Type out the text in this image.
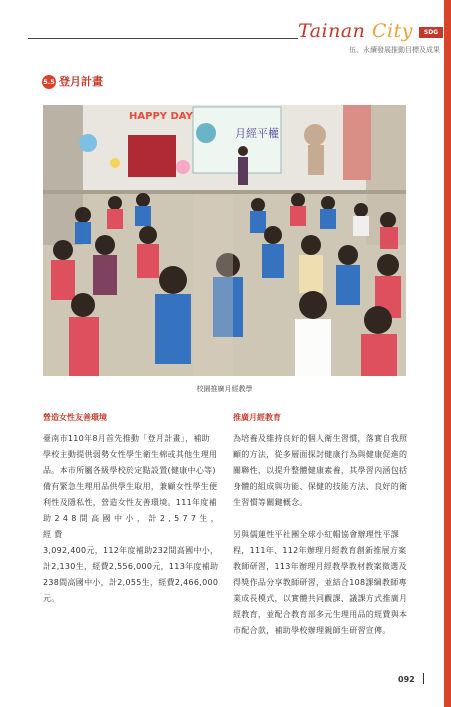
Tainan City	SDG 05
伍、永續發展推動目標及成果
5.5 登月計畫
HAPPY DAY
月經平權
校園推廣月經教學
營造女性友善環境
臺南市110年8月首先推動「登月計畫」，補助
學校主動提供弱勢女性學生衛生棉或其他生理用
品。本市所屬各級學校於定點設置(健康中心等)
備有緊急生理用品供學生取用，兼顧女性學生便
利性及隱私性，營造女性友善環境。111年度補
助 2 4 8 間 高 國 中 小 ， 計 2 , 5 7 7 生 ， 經 費
3,092,400元，112年度補助232間高國中小，
計2,130生，經費2,556,000元，113年度補助
238間高國中小，計2,055生，經費2,466,000
元。
推廣月經教育
為培養及維持良好的個人衛生習慣，落實自我照
顧的方法，從多層面探討健康行為與健康促進的
關聯性，以提升整體健康素養，其學習內涵包括
身體的組成與功能、保健的技能方法、良好的衛
生習慣等關鍵概念。
另與儒蓮性平社團全球小紅帽協會辦理性平課
程，111年、112年辦理月經教育創新推展方案
教師研習，113年辦理月經教學教材教案徵選及
得獎作品分享教師研習，並結合108課綱教師專
業成長模式，以實體共同觀課、議課方式推廣月
經教育，並配合教育部多元生理用品的經費與本
市配合款，補助學校辦理親師生研習宣傳。
092
